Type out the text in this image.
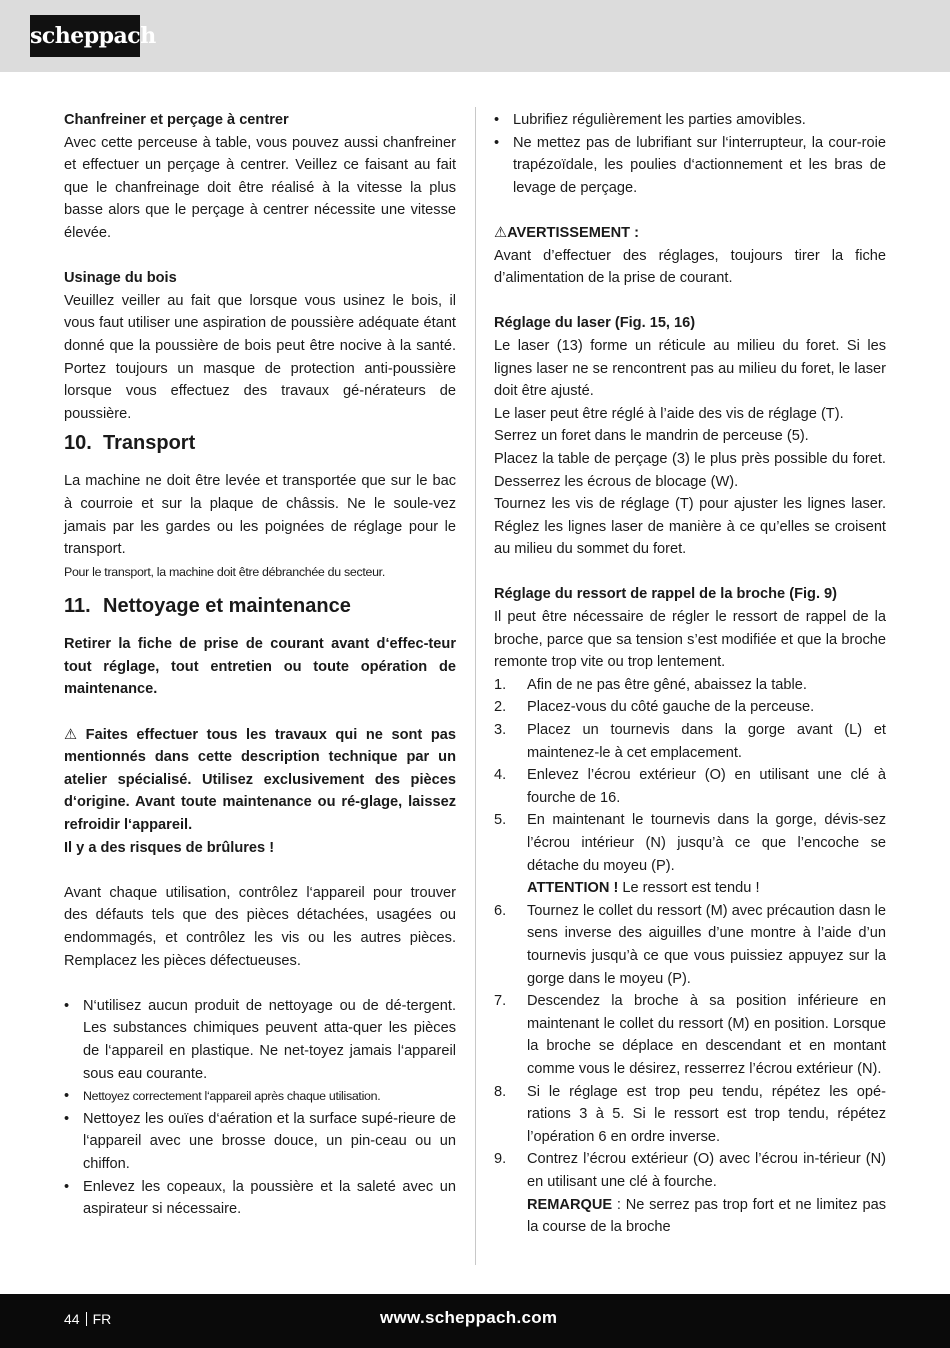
scheppach

Chanfreiner et perçage à centrer

Avec cette perceuse à table, vous pouvez aussi chanfreiner et effectuer un perçage à centrer. Veillez ce faisant au fait que le chanfreinage doit être réalisé à la vitesse la plus basse alors que le perçage à centrer nécessite une vitesse élevée.

Usinage du bois

Veuillez veiller au fait que lorsque vous usinez le bois, il vous faut utiliser une aspiration de poussière adéquate étant donné que la poussière de bois peut être nocive à la santé. Portez toujours un masque de protection anti-poussière lorsque vous effectuez des travaux gé-nérateurs de poussière.

10. Transport

La machine ne doit être levée et transportée que sur le bac à courroie et sur la plaque de châssis. Ne le soule-vez jamais par les gardes ou les poignées de réglage pour le transport.

Pour le transport, la machine doit être débranchée du secteur.

11. Nettoyage et maintenance

Retirer la fiche de prise de courant avant d‘effec-teur tout réglage, tout entretien ou toute opération de maintenance.

⚠ Faites effectuer tous les travaux qui ne sont pas mentionnés dans cette description technique par un atelier spécialisé. Utilisez exclusivement des pièces d‘origine. Avant toute maintenance ou ré-glage, laissez refroidir l‘appareil.

Il y a des risques de brûlures !

Avant chaque utilisation, contrôlez l‘appareil pour trouver des défauts tels que des pièces détachées, usagées ou endommagés, et contrôlez les vis ou les autres pièces. Remplacez les pièces défectueuses.

• N‘utilisez aucun produit de nettoyage ou de dé-tergent. Les substances chimiques peuvent atta-quer les pièces de l‘appareil en plastique. Ne net-toyez jamais l‘appareil sous eau courante.
• Nettoyez correctement l‘appareil après chaque utilisation.
• Nettoyez les ouïes d‘aération et la surface supé-rieure de l‘appareil avec une brosse douce, un pin-ceau ou un chiffon.
• Enlevez les copeaux, la poussière et la saleté avec un aspirateur si nécessaire.
• Lubrifiez régulièrement les parties amovibles.
• Ne mettez pas de lubrifiant sur l‘interrupteur, la cour-roie trapézoïdale, les poulies d‘actionnement et les bras de levage de perçage.

⚠AVERTISSEMENT :

Avant d’effectuer des réglages, toujours tirer la fiche d’alimentation de la prise de courant.

Réglage du laser (Fig. 15, 16)

Le laser (13) forme un réticule au milieu du foret. Si les lignes laser ne se rencontrent pas au milieu du foret, le laser doit être ajusté.

Le laser peut être réglé à l’aide des vis de réglage (T).

Serrez un foret dans le mandrin de perceuse (5).

Placez la table de perçage (3) le plus près possible du foret. Desserrez les écrous de blocage (W).

Tournez les vis de réglage (T) pour ajuster les lignes laser. Réglez les lignes laser de manière à ce qu’elles se croisent au milieu du sommet du foret.

Réglage du ressort de rappel de la broche (Fig. 9)

Il peut être nécessaire de régler le ressort de rappel de la broche, parce que sa tension s’est modifiée et que la broche remonte trop vite ou trop lentement.

1. Afin de ne pas être gêné, abaissez la table.
2. Placez-vous du côté gauche de la perceuse.
3. Placez un tournevis dans la gorge avant (L) et maintenez-le à cet emplacement.
4. Enlevez l’écrou extérieur (O) en utilisant une clé à fourche de 16.
5. En maintenant le tournevis dans la gorge, dévis-sez l’écrou intérieur (N) jusqu’à ce que l’encoche se détache du moyeu (P).
ATTENTION ! Le ressort est tendu !
6. Tournez le collet du ressort (M) avec précaution dasn le sens inverse des aiguilles d’une montre à l’aide d’un tournevis jusqu’à ce que vous puissiez appuyez sur la gorge dans le moyeu (P).
7. Descendez la broche à sa position inférieure en maintenant le collet du ressort (M) en position. Lorsque la broche se déplace en descendant et en montant comme vous le désirez, resserrez l’écrou extérieur (N).
8. Si le réglage est trop peu tendu, répétez les opé-rations 3 à 5. Si le ressort est trop tendu, répétez l’opération 6 en ordre inverse.
9. Contrez l’écrou extérieur (O) avec l’écrou in-térieur (N) en utilisant une clé à fourche.
REMARQUE : Ne serrez pas trop fort et ne limitez pas la course de la broche
44 FR	www.scheppach.com
